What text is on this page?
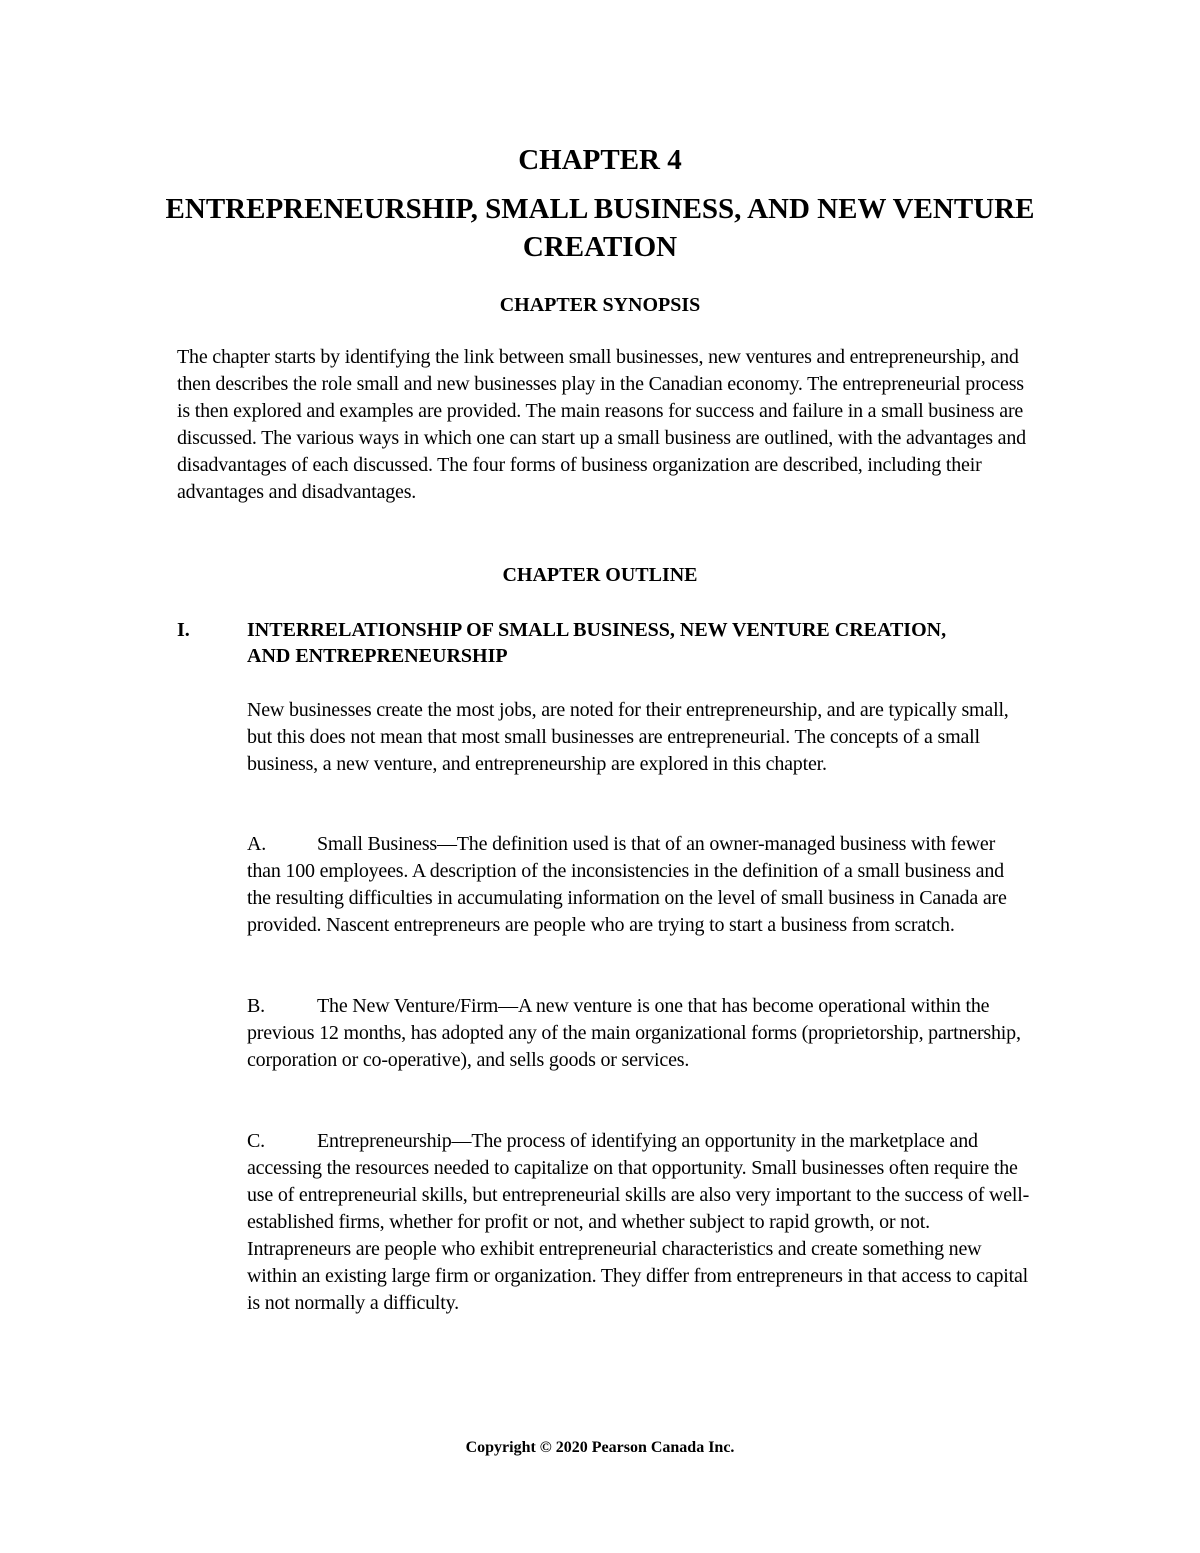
CHAPTER 4
ENTREPRENEURSHIP, SMALL BUSINESS, AND NEW VENTURE CREATION
CHAPTER SYNOPSIS
The chapter starts by identifying the link between small businesses, new ventures and entrepreneurship, and then describes the role small and new businesses play in the Canadian economy. The entrepreneurial process is then explored and examples are provided. The main reasons for success and failure in a small business are discussed. The various ways in which one can start up a small business are outlined, with the advantages and disadvantages of each discussed. The four forms of business organization are described, including their advantages and disadvantages.
CHAPTER OUTLINE
I.	INTERRELATIONSHIP OF SMALL BUSINESS, NEW VENTURE CREATION, AND ENTREPRENEURSHIP
New businesses create the most jobs, are noted for their entrepreneurship, and are typically small, but this does not mean that most small businesses are entrepreneurial. The concepts of a small business, a new venture, and entrepreneurship are explored in this chapter.
A.	Small Business—The definition used is that of an owner-managed business with fewer than 100 employees. A description of the inconsistencies in the definition of a small business and the resulting difficulties in accumulating information on the level of small business in Canada are provided. Nascent entrepreneurs are people who are trying to start a business from scratch.
B.	The New Venture/Firm—A new venture is one that has become operational within the previous 12 months, has adopted any of the main organizational forms (proprietorship, partnership, corporation or co-operative), and sells goods or services.
C.	Entrepreneurship—The process of identifying an opportunity in the marketplace and accessing the resources needed to capitalize on that opportunity. Small businesses often require the use of entrepreneurial skills, but entrepreneurial skills are also very important to the success of well-established firms, whether for profit or not, and whether subject to rapid growth, or not. Intrapreneurs are people who exhibit entrepreneurial characteristics and create something new within an existing large firm or organization. They differ from entrepreneurs in that access to capital is not normally a difficulty.
Copyright © 2020 Pearson Canada Inc.
